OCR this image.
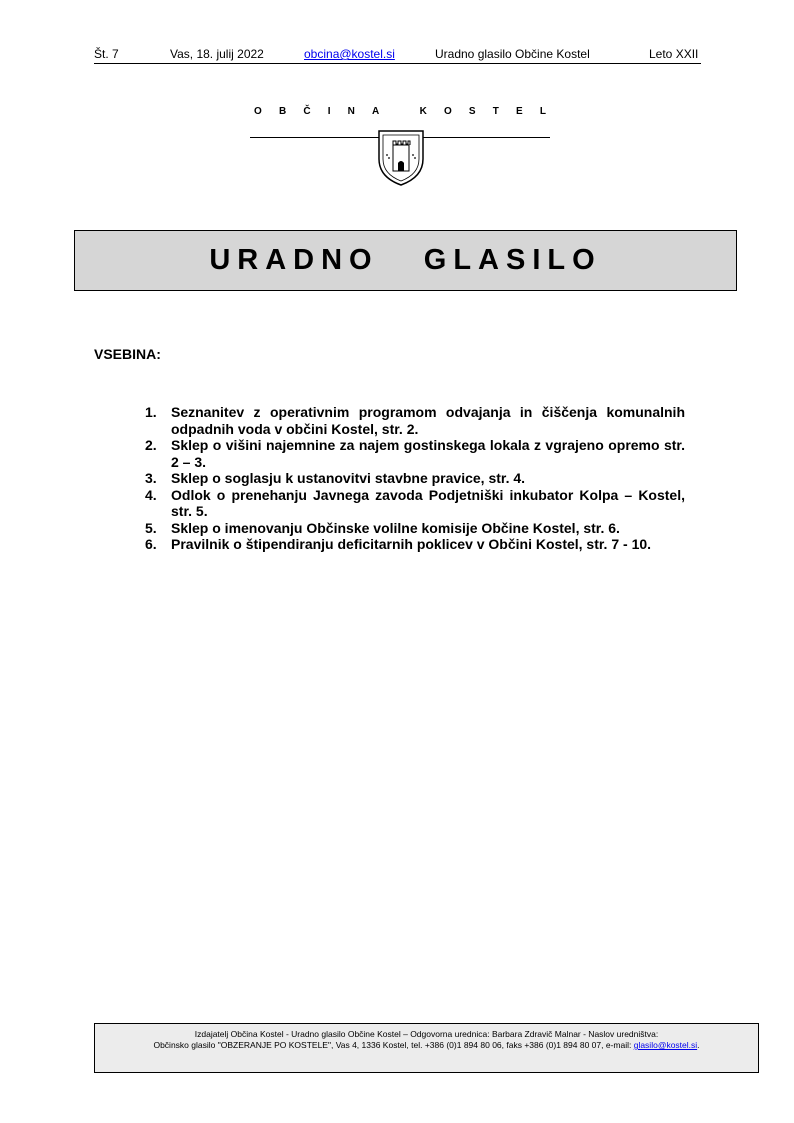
Št. 7	Vas, 18. julij 2022	obcina@kostel.si	Uradno glasilo Občine Kostel	Leto XXII
O B Č I N A	K O S T E L
URADNO   GLASILO
VSEBINA:
1.	Seznanitev z operativnim programom odvajanja in čiščenja komunalnih odpadnih voda v občini Kostel, str. 2.
2.	Sklep o višini najemnine za najem gostinskega lokala z vgrajeno opremo str. 2 – 3.
3.	Sklep o soglasju k ustanovitvi stavbne pravice, str. 4.
4.	Odlok o prenehanju Javnega zavoda Podjetniški inkubator Kolpa – Kostel, str. 5.
5.	Sklep o imenovanju Občinske volilne komisije Občine Kostel, str. 6.
6.	Pravilnik o štipendiranju deficitarnih poklicev v Občini Kostel, str. 7 - 10.
Izdajatelj Občina Kostel - Uradno glasilo Občine Kostel – Odgovorna urednica: Barbara Zdravič Malnar - Naslov uredništva:
Občinsko glasilo "OBZERANJE PO KOSTELE", Vas 4, 1336 Kostel, tel. +386 (0)1 894 80 06, faks +386 (0)1 894 80 07, e-mail: glasilo@kostel.si.
